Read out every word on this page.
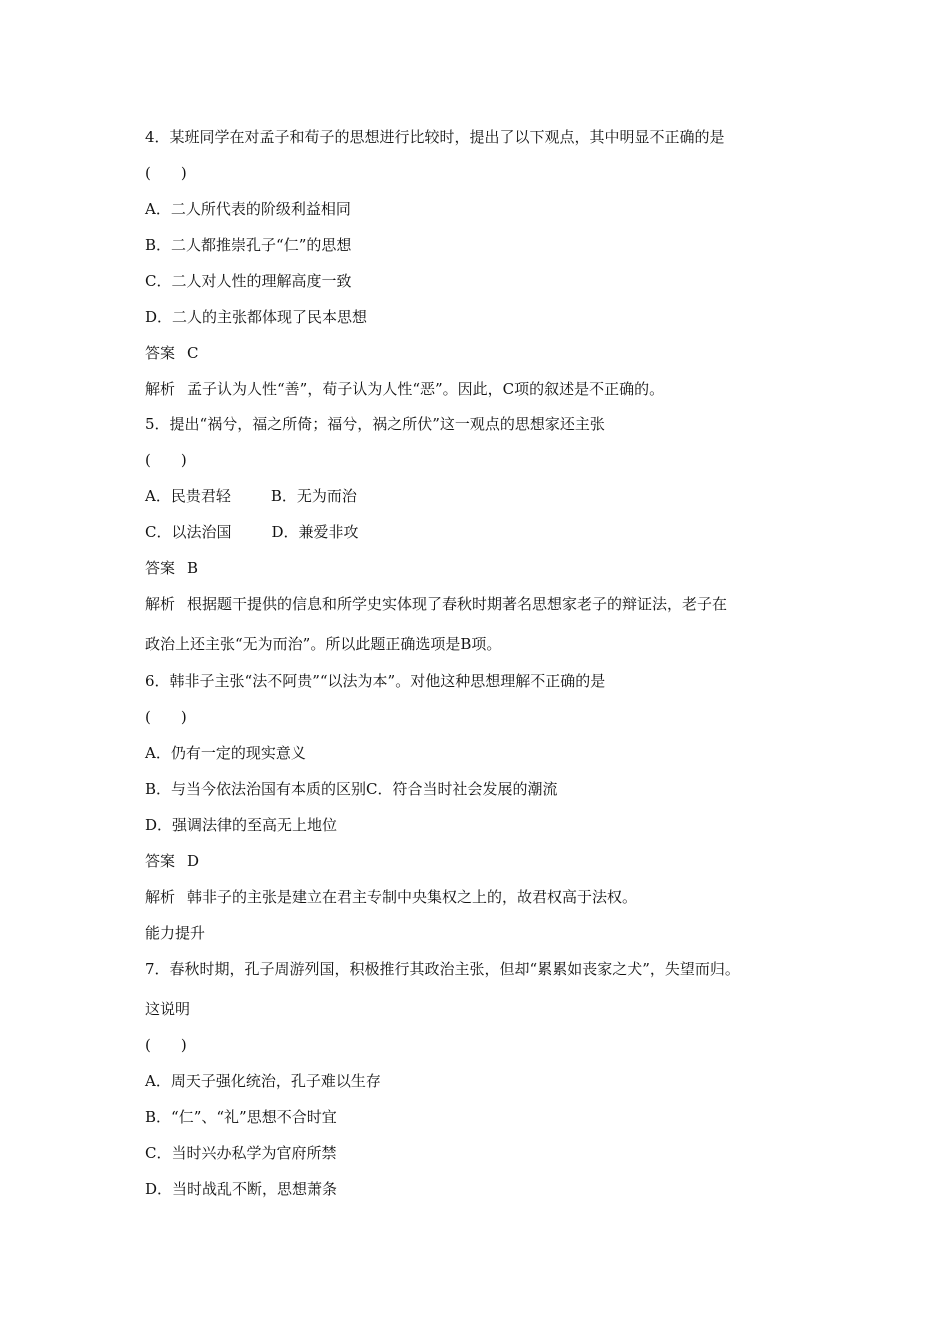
4．某班同学在对孟子和荀子的思想进行比较时，提出了以下观点，其中明显不正确的是
(　　)
A．二人所代表的阶级利益相同
B．二人都推崇孔子“仁”的思想
C．二人对人性的理解高度一致
D．二人的主张都体现了民本思想
答案 C
解析 孟子认为人性“善”，荀子认为人性“恶”。因此，C项的叙述是不正确的。
5．提出“祸兮，福之所倚；福兮，祸之所伏”这一观点的思想家还主张
(　　)
A．民贵君轻	B．无为而治
C．以法治国	D．兼爱非攻
答案 B
解析 根据题干提供的信息和所学史实体现了春秋时期著名思想家老子的辩证法，老子在
政治上还主张“无为而治”。所以此题正确选项是B项。
6．韩非子主张“法不阿贵”“以法为本”。对他这种思想理解不正确的是
(　　)
A．仍有一定的现实意义
B．与当今依法治国有本质的区别C．符合当时社会发展的潮流
D．强调法律的至高无上地位
答案 D
解析 韩非子的主张是建立在君主专制中央集权之上的，故君权高于法权。
能力提升
7．春秋时期，孔子周游列国，积极推行其政治主张，但却“累累如丧家之犬”，失望而归。
这说明
(　　)
A．周天子强化统治，孔子难以生存
B．“仁”、“礼”思想不合时宜
C．当时兴办私学为官府所禁
D．当时战乱不断，思想萧条
